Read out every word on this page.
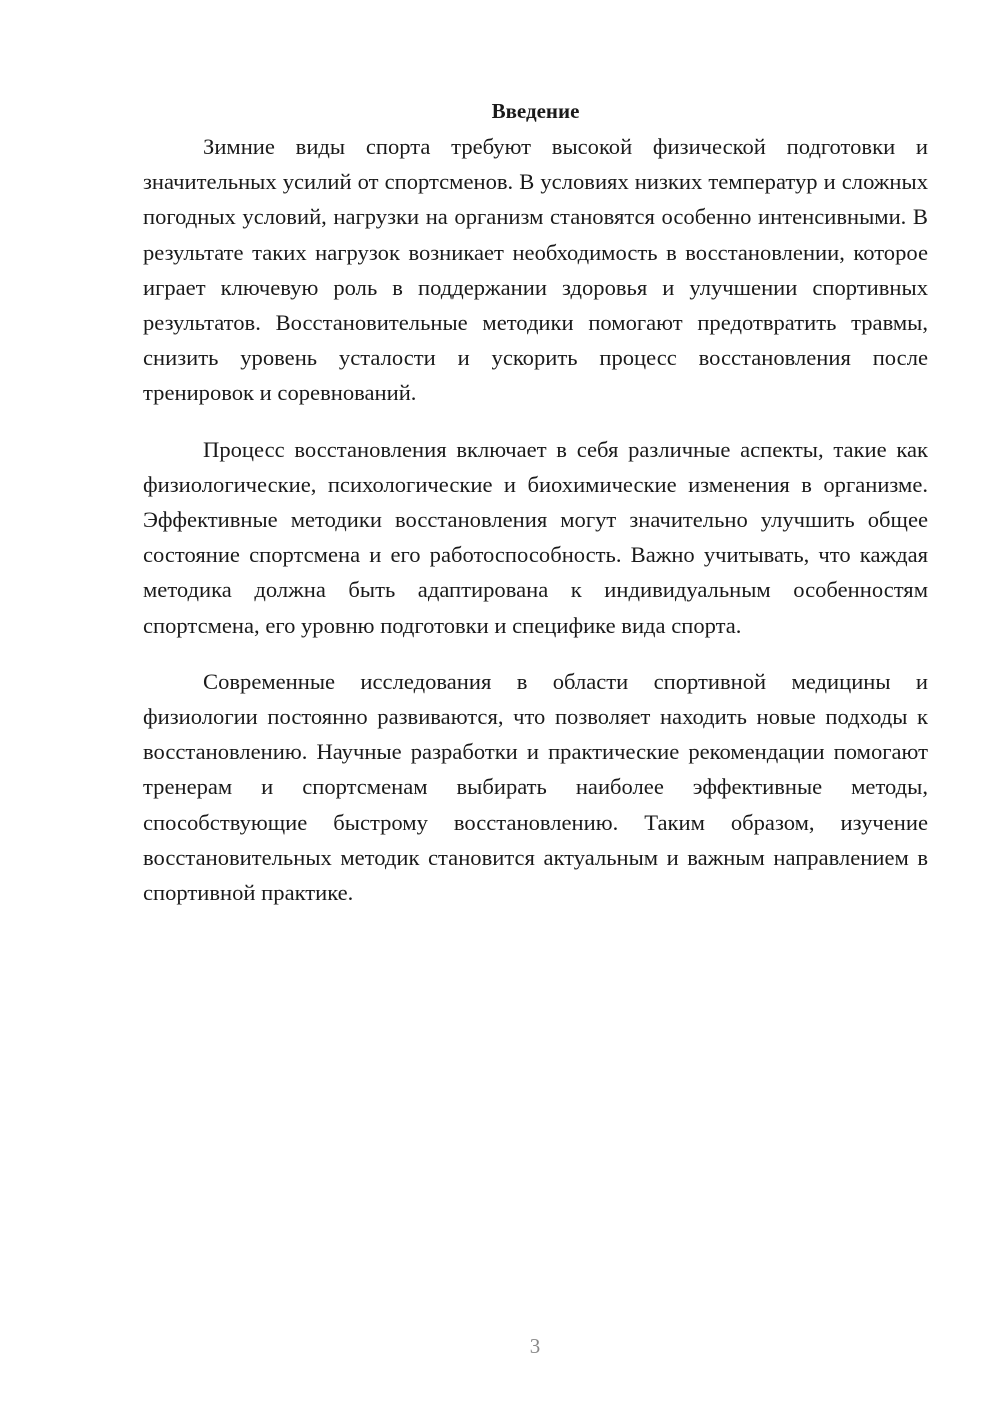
Введение

Зимние виды спорта требуют высокой физической подготовки и значительных усилий от спортсменов. В условиях низких температур и сложных погодных условий, нагрузки на организм становятся особенно интенсивными. В результате таких нагрузок возникает необходимость в восстановлении, которое играет ключевую роль в поддержании здоровья и улучшении спортивных результатов. Восстановительные методики помогают предотвратить травмы, снизить уровень усталости и ускорить процесс восстановления после тренировок и соревнований.

Процесс восстановления включает в себя различные аспекты, такие как физиологические, психологические и биохимические изменения в организме. Эффективные методики восстановления могут значительно улучшить общее состояние спортсмена и его работоспособность. Важно учитывать, что каждая методика должна быть адаптирована к индивидуальным особенностям спортсмена, его уровню подготовки и специфике вида спорта.

Современные исследования в области спортивной медицины и физиологии постоянно развиваются, что позволяет находить новые подходы к восстановлению. Научные разработки и практические рекомендации помогают тренерам и спортсменам выбирать наиболее эффективные методы, способствующие быстрому восстановлению. Таким образом, изучение восстановительных методик становится актуальным и важным направлением в спортивной практике.

3
